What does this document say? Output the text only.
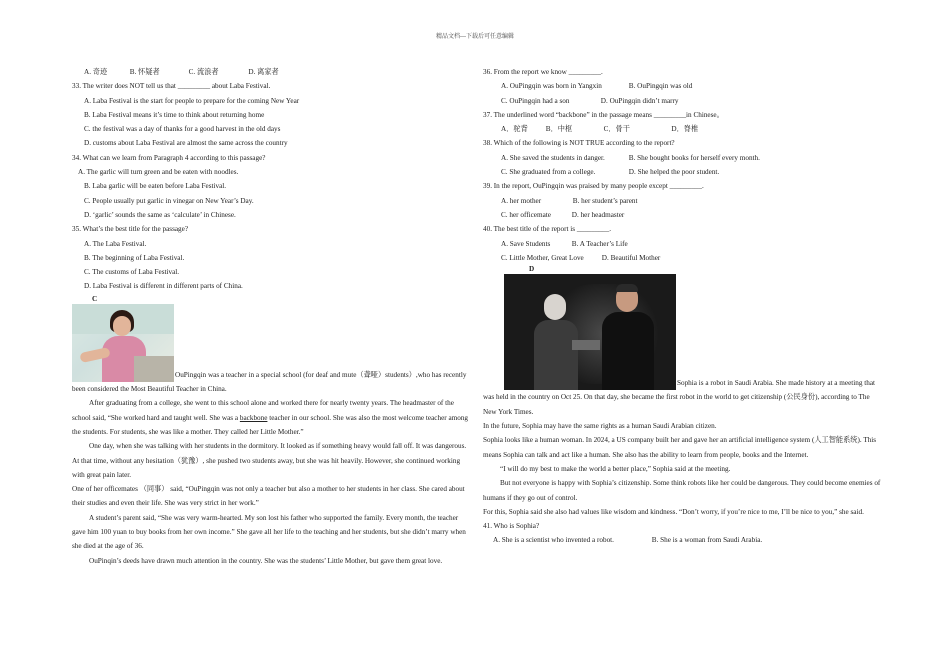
精品文档---下载后可任意编辑
A. 奇迹	B. 怀疑者	C. 流浪者	D. 离家者
33. The writer does NOT tell us that _________ about Laba Festival.
A. Laba Festival is the start for people to prepare for the coming New Year
B. Laba Festival means it’s time to think about returning home
C. the festival was a day of thanks for a good harvest in the old days
D. customs about Laba Festival are almost the same across the country
34. What can we learn from Paragraph 4 according to this passage?
A. The garlic will turn green and be eaten with noodles.
B. Laba garlic will be eaten before Laba Festival.
C. People usually put garlic in vinegar on New Year’s Day.
D. ‘garlic’ sounds the same as ‘calculate’ in Chinese.
35. What’s the best title for the passage?
A. The Laba Festival.
B. The beginning of Laba Festival.
C. The customs of Laba Festival.
D. Laba Festival is different in different parts of China.
C
OuPingqin was a teacher in a special school (for deaf and mute（聋哑）students）,who has recently been considered the Most Beautiful Teacher in China.
After graduating from a college, she went to this school alone and worked there for nearly twenty years. The headmaster of the school said, “She worked hard and taught well. She was a backbone teacher in our school. She was also the most welcome teacher among the students. For students, she was like a mother. They called her Little Mother.”
One day, when she was talking with her students in the dormitory. It looked as if something heavy would fall off. It was dangerous. At that time, without any hesitation（犹豫）, she pushed two students away, but she was hit heavily. However, she continued working with great pain later.
One of her officemates （同事） said, “OuPingqin was not only a teacher but also a mother to her students in her class. She cared about their studies and even their life. She was very strict in her work.”
A student’s parent said, “She was very warm-hearted. My son lost his father who supported the family. Every month, the teacher gave him 100 yuan to buy books from her own income.” She gave all her life to the teaching and her students, but she didn’t marry when she died at the age of 36.
OuPinqin’s deeds have drawn much attention in the country. She was the students’ Little Mother, but gave them great love.
36. From the report we know _________.
A. OuPingqin was born in Yangxin	B. OuPingqin was old
C. OuPingqin had a son	D. OuPingqin didn’t marry
37. The underlined word “backbone” in the passage means _________in Chinese。
A．驼背	B．中枢	C．骨干	D．脊椎
38. Which of the following is NOT TRUE according to the report?
A. She saved the students in danger.	B. She bought books for herself every month.
C. She graduated from a college.	D. She helped the poor student.
39. In the report, OuPingqin was praised by many people except _________.
A. her mother	B. her student’s parent
C. her officemate	D. her headmaster
40. The best title of the report is _________.
A. Save Students	B. A Teacher’s Life
C. Little Mother, Great Love	D. Beautiful Mother
D
Sophia is a robot in Saudi Arabia. She made history at a meeting that was held in the country on Oct 25. On that day, she became the first robot in the world to get citizenship (公民身份), according to The New York Times.
In the future, Sophia may have the same rights as a human Saudi Arabian citizen.
Sophia looks like a human woman. In 2024, a US company built her and gave her an artificial intelligence system (人工智能系统). This means Sophia can talk and act like a human. She also has the ability to learn from people, books and the Internet.
“I will do my best to make the world a better place,” Sophia said at the meeting.
But not everyone is happy with Sophia’s citizenship. Some think robots like her could be dangerous. They could become enemies of humans if they go out of control.
For this, Sophia said she also had values like wisdom and kindness. “Don’t worry, if you’re nice to me, I’ll be nice to you,” she said.
41. Who is Sophia?
A. She is a scientist who invented a robot.	B. She is a woman from Saudi Arabia.
